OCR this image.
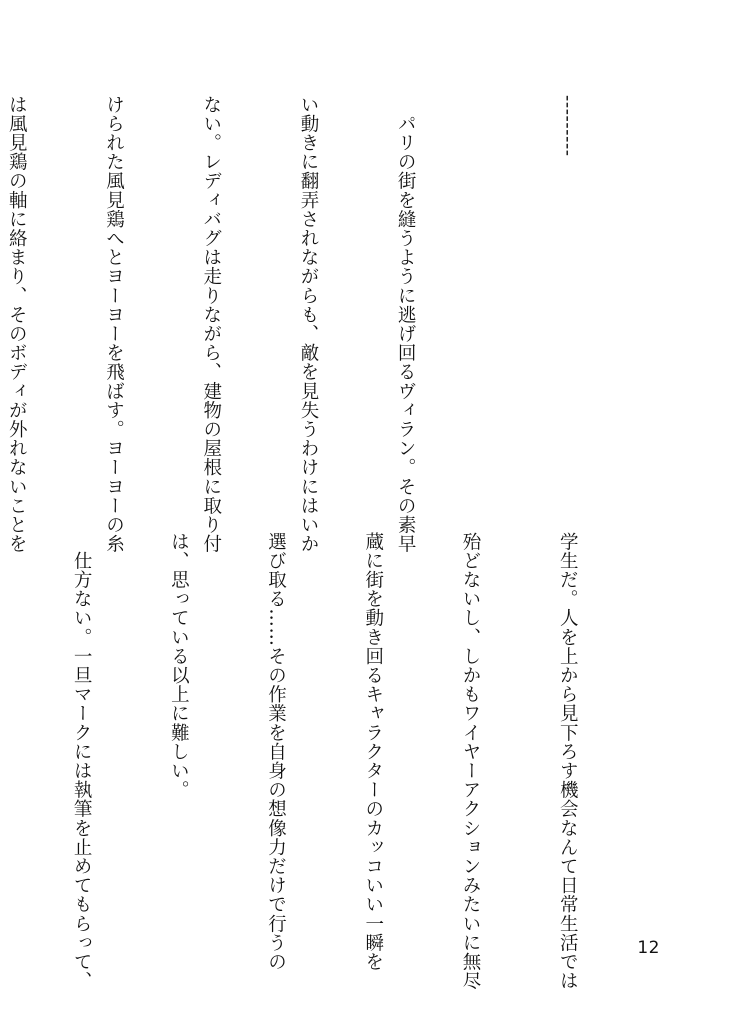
‐‐‐‐‐‐‐‐‐

　パリの街を縫うように逃げ回るヴィラン。その素早

い動きに翻弄されながらも、敵を見失うわけにはいか

ない。レディバグは走りながら、建物の屋根に取り付

けられた風見鶏へとヨーヨーを飛ばす。ヨーヨーの糸

は風見鶏の軸に絡まり、そのボディが外れないことを

学生だ。人を上から見下ろす機会なんて日常生活では

殆どないし、しかもワイヤーアクションみたいに無尽

蔵に街を動き回るキャラクターのカッコいい一瞬を

選び取る……その作業を自身の想像力だけで行うの

は、思っている以上に難しい。

　仕方ない。一旦マークには執筆を止めてもらって、

	12
